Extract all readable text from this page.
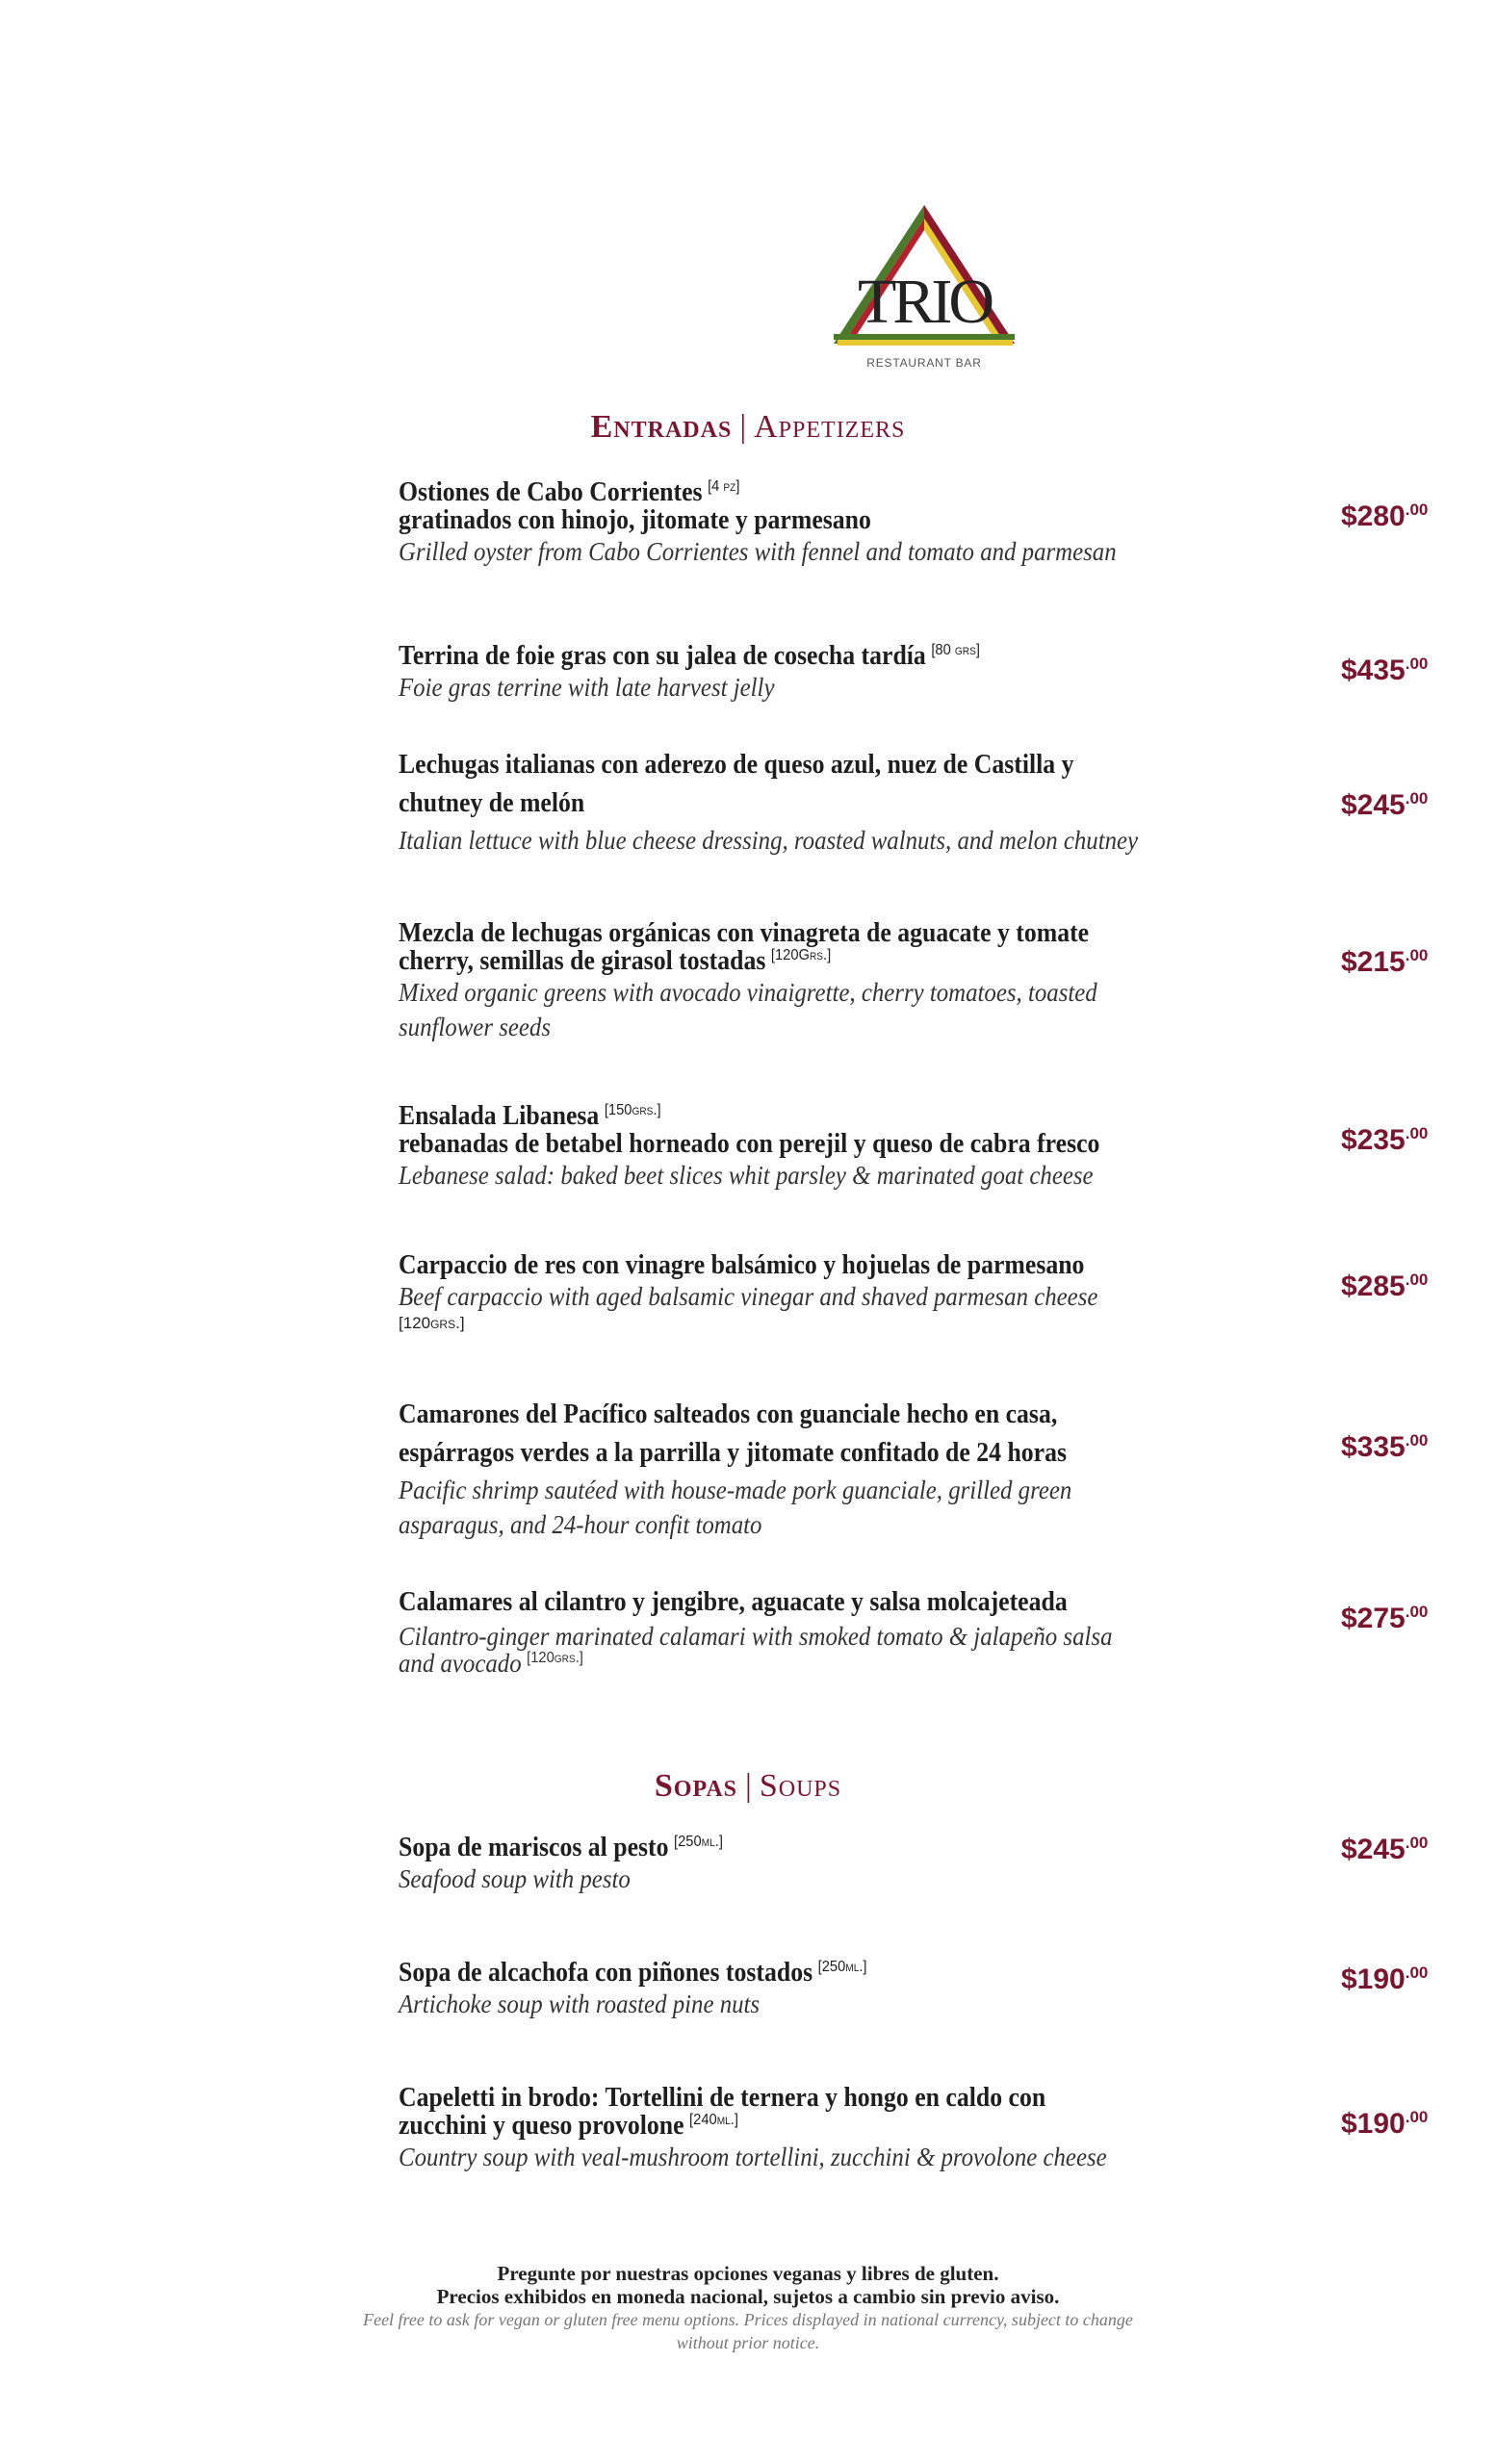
TRIO
RESTAURANT BAR
Entradas | Appetizers
Ostiones de Cabo Corrientes [4 pz]
gratinados con hinojo, jitomate y parmesano
Grilled oyster from Cabo Corrientes with fennel and tomato and parmesan
$\$280^{.00}$
Terrina de foie gras con su jalea de cosecha tardía [80 grs]
Foie gras terrine with late harvest jelly
$\$435^{.00}$
Lechugas italianas con aderezo de queso azul, nuez de Castilla y
chutney de melón
Italian lettuce with blue cheese dressing, roasted walnuts, and melon chutney
$\$245^{.00}$
Mezcla de lechugas orgánicas con vinagreta de aguacate y tomate
cherry, semillas de girasol tostadas [120Grs.]
Mixed organic greens with avocado vinaigrette, cherry tomatoes, toasted
sunflower seeds
$\$215^{.00}$
Ensalada Libanesa [150grs.]
rebanadas de betabel horneado con perejil y queso de cabra fresco
Lebanese salad: baked beet slices whit parsley & marinated goat cheese
$\$235^{.00}$
Carpaccio de res con vinagre balsámico y hojuelas de parmesano
Beef carpaccio with aged balsamic vinegar and shaved parmesan cheese
[120grs.]
$\$285^{.00}$
Camarones del Pacífico salteados con guanciale hecho en casa,
espárragos verdes a la parrilla y jitomate confitado de 24 horas
Pacific shrimp sautéed with house-made pork guanciale, grilled green
asparagus, and 24-hour confit tomato
$\$335^{.00}$
Calamares al cilantro y jengibre, aguacate y salsa molcajeteada
Cilantro-ginger marinated calamari with smoked tomato & jalapeño salsa
and avocado [120grs.]
$\$275^{.00}$
Sopas | Soups
Sopa de mariscos al pesto [250ml.]
Seafood soup with pesto
$\$245^{.00}$
Sopa de alcachofa con piñones tostados [250ml.]
Artichoke soup with roasted pine nuts
$\$190^{.00}$
Capeletti in brodo: Tortellini de ternera y hongo en caldo con
zucchini y queso provolone [240ml.]
Country soup with veal-mushroom tortellini, zucchini & provolone cheese
$\$190^{.00}$
Pregunte por nuestras opciones veganas y libres de gluten.
Precios exhibidos en moneda nacional, sujetos a cambio sin previo aviso.
Feel free to ask for vegan or gluten free menu options. Prices displayed in national currency, subject to change without prior notice.
